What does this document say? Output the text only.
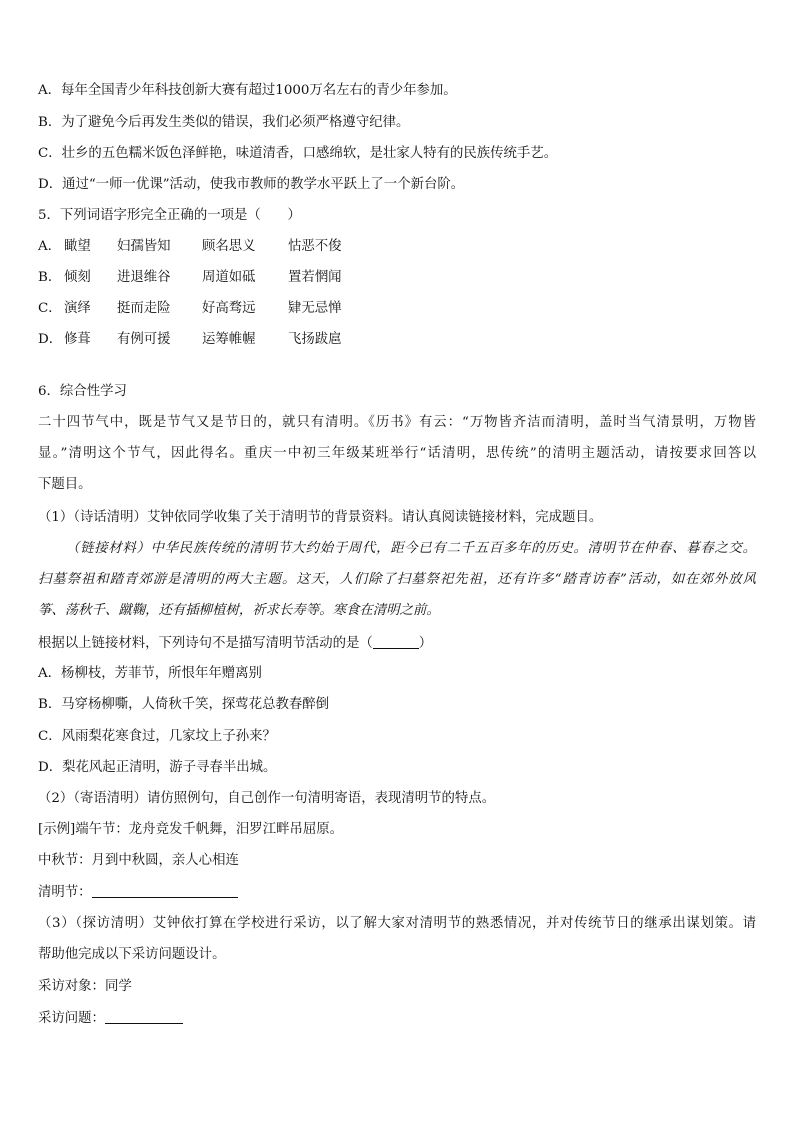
A．每年全国青少年科技创新大赛有超过1000万名左右的青少年参加。
B．为了避免今后再发生类似的错误，我们必须严格遵守纪律。
C．壮乡的五色糯米饭色泽鲜艳，味道清香，口感绵软，是壮家人特有的民族传统手艺。
D．通过“一师一优课”活动，使我市教师的教学水平跃上了一个新台阶。
5．下列词语字形完全正确的一项是（　　）
A． 瞰望 妇孺皆知 顾名思义 怙恶不俊
B． 倾刻 进退维谷 周道如砥 置若惘闻
C． 演绎 挺而走险 好高骛远 肄无忌惮
D． 修葺 有例可援 运筹帷幄 飞扬跋扈
6．综合性学习
二十四节气中，既是节气又是节日的，就只有清明。《历书》有云：“万物皆齐洁而清明，盖时当气清景明，万物皆
显。”清明这个节气，因此得名。重庆一中初三年级某班举行“话清明，思传统”的清明主题活动，请按要求回答以
下题目。
（1）（诗话清明）艾钟依同学收集了关于清明节的背景资料。请认真阅读链接材料，完成题目。
（链接材料）中华民族传统的清明节大约始于周代，距今已有二千五百多年的历史。清明节在仲春、暮春之交。
扫墓祭祖和踏青郊游是清明的两大主题。这天，人们除了扫墓祭祀先祖，还有许多“踏青访春”活动，如在郊外放风
筝、荡秋千、蹴鞠，还有插柳植树，祈求长寿等。寒食在清明之前。
根据以上链接材料，下列诗句不是描写清明节活动的是（	）
A．杨柳枝，芳菲节，所恨年年赠离别
B．马穿杨柳嘶，人倚秋千笑，探莺花总教春醉倒
C．风雨梨花寒食过，几家坟上子孙来？
D．梨花风起正清明，游子寻春半出城。
（2）（寄语清明）请仿照例句，自己创作一句清明寄语，表现清明节的特点。
[示例]端午节：龙舟竞发千帆舞，汨罗江畔吊屈原。
中秋节：月到中秋圆，亲人心相连
清明节：
（3）（探访清明）艾钟依打算在学校进行采访，以了解大家对清明节的熟悉情况，并对传统节日的继承出谋划策。请
帮助他完成以下采访问题设计。
采访对象：同学
采访问题：
